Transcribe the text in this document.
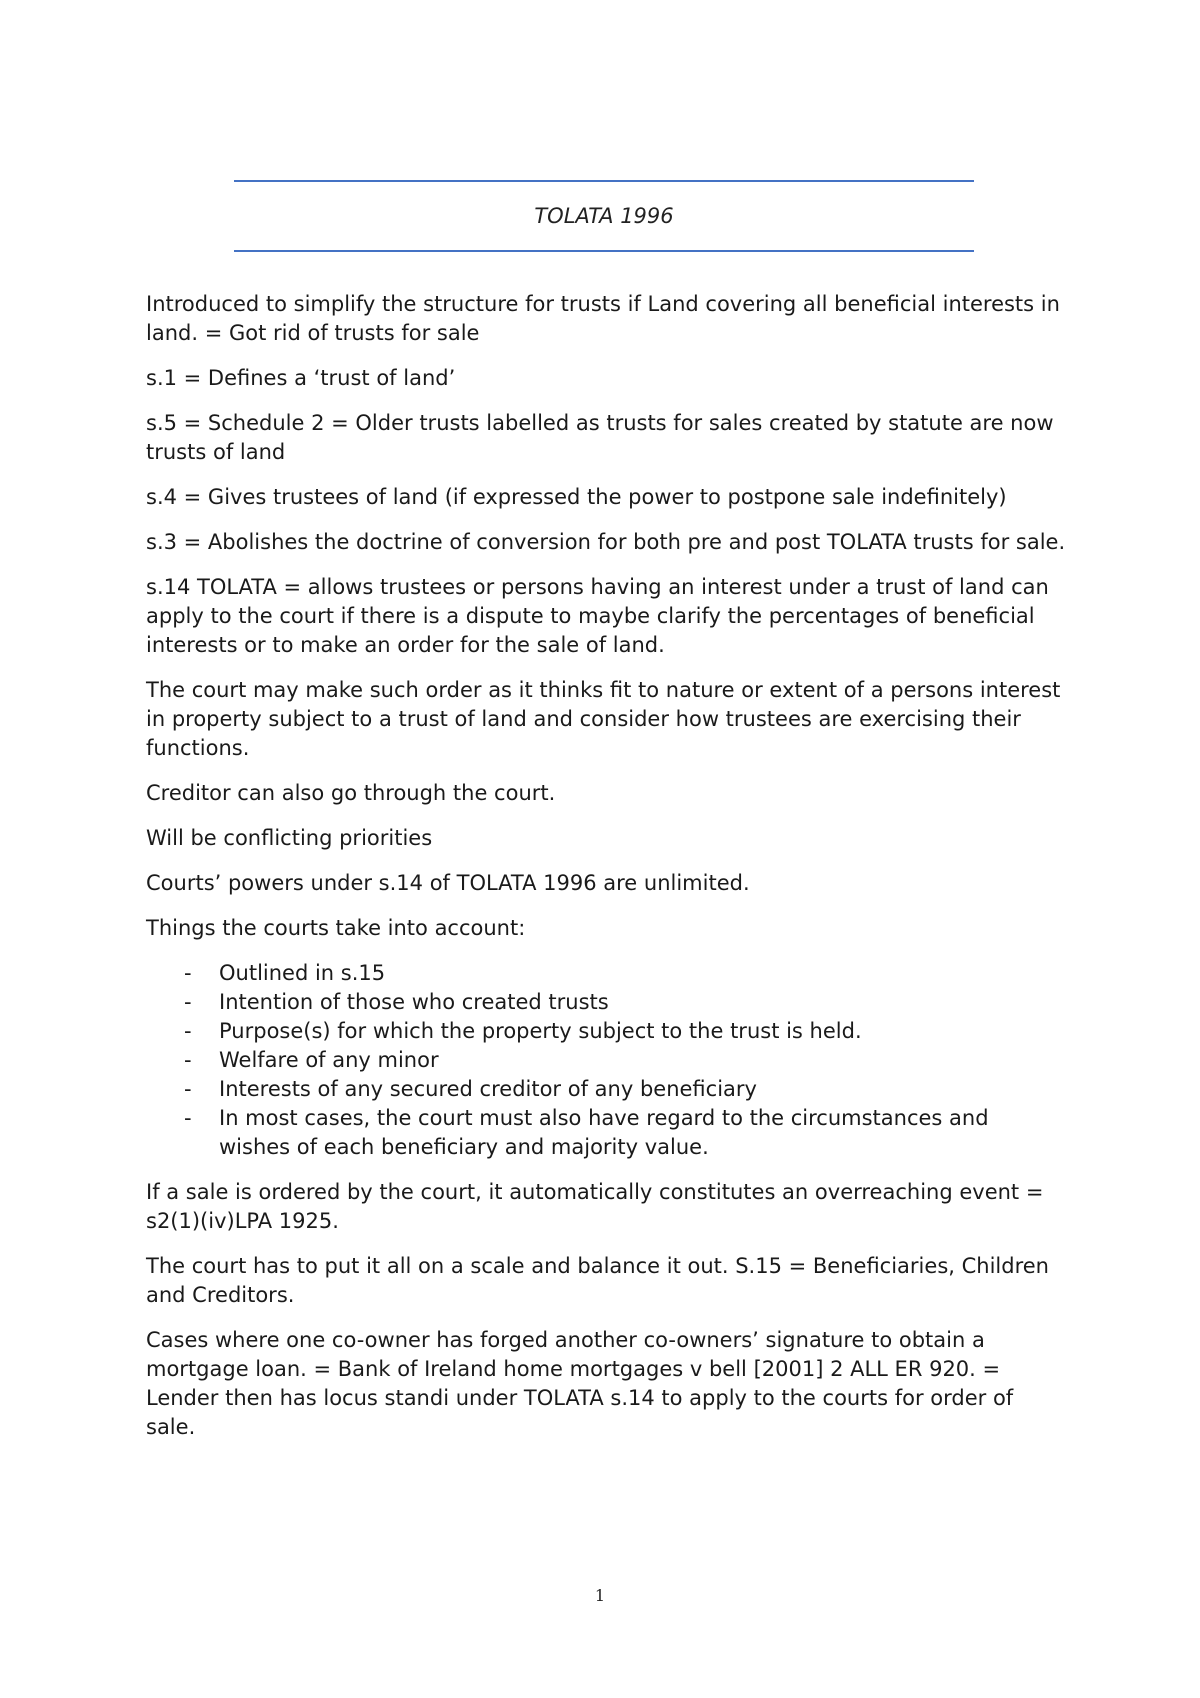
TOLATA 1996

Introduced to simplify the structure for trusts if Land covering all beneficial interests in land. = Got rid of trusts for sale

s.1 = Defines a ‘trust of land’

s.5 = Schedule 2 = Older trusts labelled as trusts for sales created by statute are now trusts of land

s.4 = Gives trustees of land (if expressed the power to postpone sale indefinitely)

s.3 = Abolishes the doctrine of conversion for both pre and post TOLATA trusts for sale.

s.14 TOLATA = allows trustees or persons having an interest under a trust of land can apply to the court if there is a dispute to maybe clarify the percentages of beneficial interests or to make an order for the sale of land.

The court may make such order as it thinks fit to nature or extent of a persons interest in property subject to a trust of land and consider how trustees are exercising their functions.

Creditor can also go through the court.

Will be conflicting priorities

Courts’ powers under s.14 of TOLATA 1996 are unlimited.

Things the courts take into account:

- Outlined in s.15
- Intention of those who created trusts
- Purpose(s) for which the property subject to the trust is held.
- Welfare of any minor
- Interests of any secured creditor of any beneficiary
- In most cases, the court must also have regard to the circumstances and wishes of each beneficiary and majority value.

If a sale is ordered by the court, it automatically constitutes an overreaching event = s2(1)(iv)LPA 1925.

The court has to put it all on a scale and balance it out. S.15 = Beneficiaries, Children and Creditors.

Cases where one co-owner has forged another co-owners’ signature to obtain a mortgage loan. = Bank of Ireland home mortgages v bell [2001] 2 ALL ER 920. = Lender then has locus standi under TOLATA s.14 to apply to the courts for order of sale.

1
